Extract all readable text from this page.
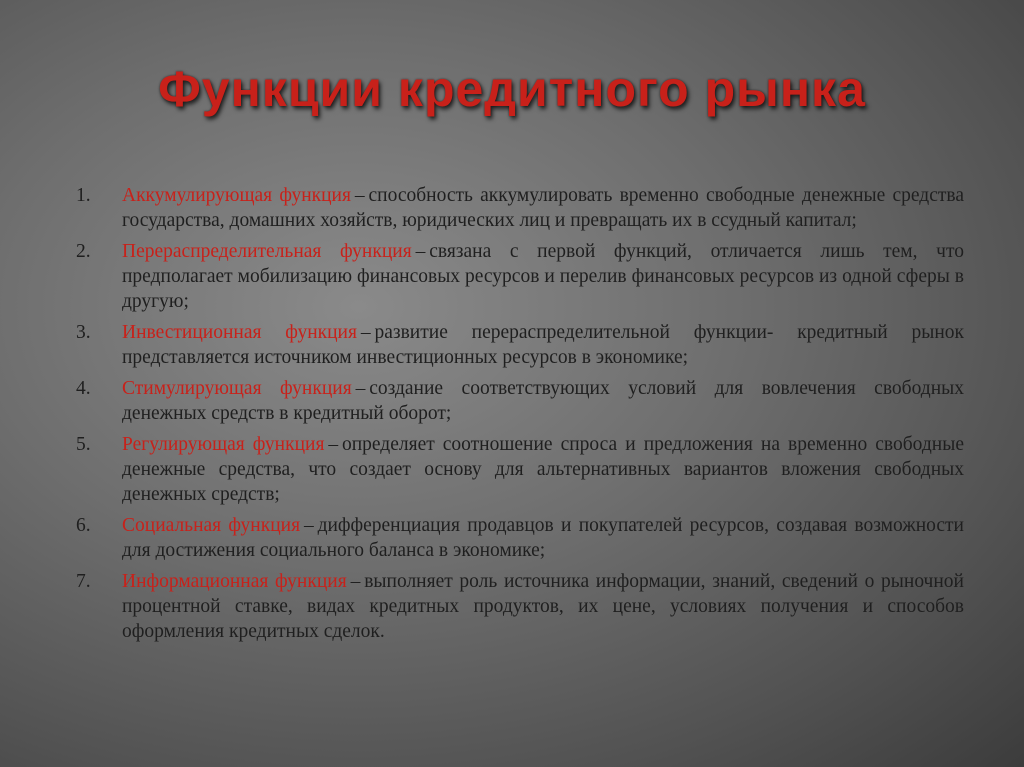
Функции кредитного рынка
1. Аккумулирующая функция – способность аккумулировать временно свободные денежные средства государства, домашних хозяйств, юридических лиц и превращать их в ссудный капитал;
2. Перераспределительная функция – связана с первой функций, отличается лишь тем, что предполагает мобилизацию финансовых ресурсов и перелив финансовых ресурсов из одной сферы в другую;
3. Инвестиционная функция – развитие перераспределительной функции- кредитный рынок представляется источником инвестиционных ресурсов в экономике;
4. Стимулирующая функция – создание соответствующих условий для вовлечения свободных денежных средств в кредитный оборот;
5. Регулирующая функция – определяет соотношение спроса и предложения на временно свободные денежные средства, что создает основу для альтернативных вариантов вложения свободных денежных средств;
6. Социальная функция – дифференциация продавцов и покупателей ресурсов, создавая возможности для достижения социального баланса в экономике;
7. Информационная функция – выполняет роль источника информации, знаний, сведений о рыночной процентной ставке, видах кредитных продуктов, их цене, условиях получения и способов оформления кредитных сделок.
